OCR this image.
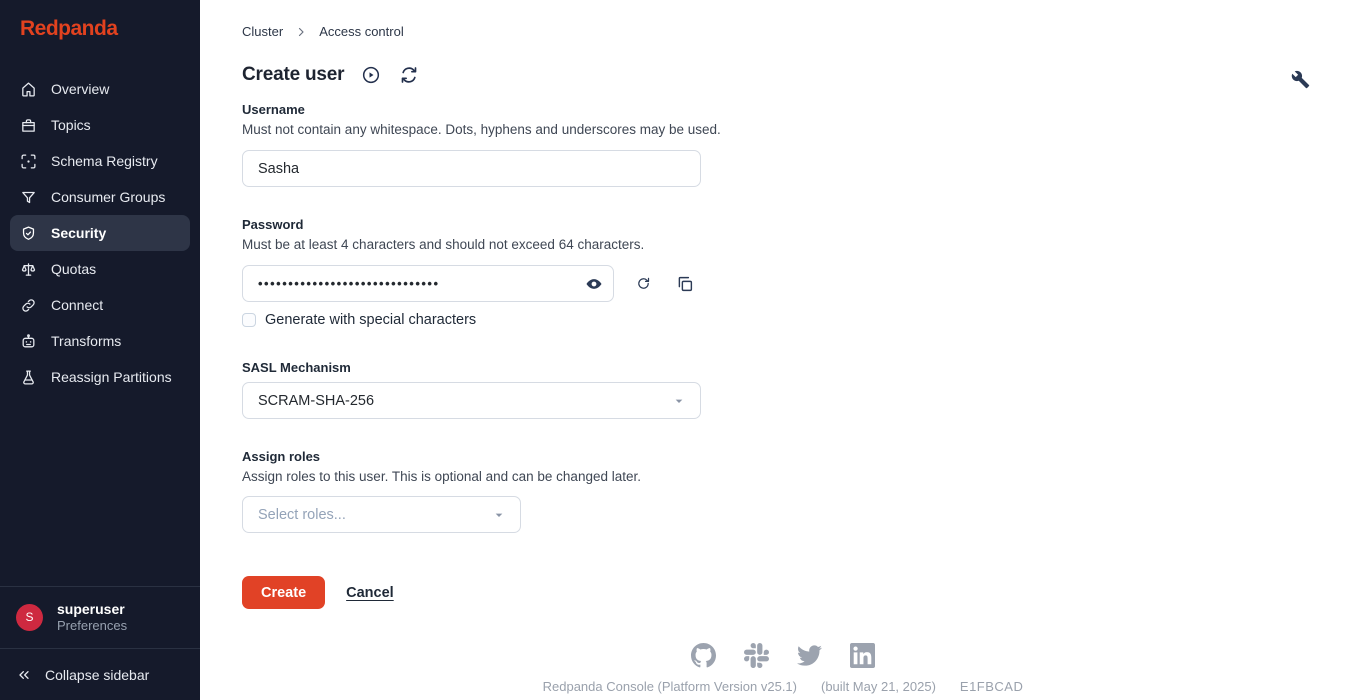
Redpanda
Overview
Topics
Schema Registry
Consumer Groups
Security
Quotas
Connect
Transforms
Reassign Partitions
S
superuser
Preferences
Collapse sidebar
Cluster	Access control
Create user
Username
Must not contain any whitespace. Dots, hyphens and underscores may be used.
Sasha
Password
Must be at least 4 characters and should not exceed 64 characters.
••••••••••••••••••••••••••••••
Generate with special characters
SASL Mechanism
SCRAM-SHA-256
Assign roles
Assign roles to this user. This is optional and can be changed later.
Select roles...
Create	Cancel
Redpanda Console (Platform Version v25.1) (built May 21, 2025) E1FBCAD
